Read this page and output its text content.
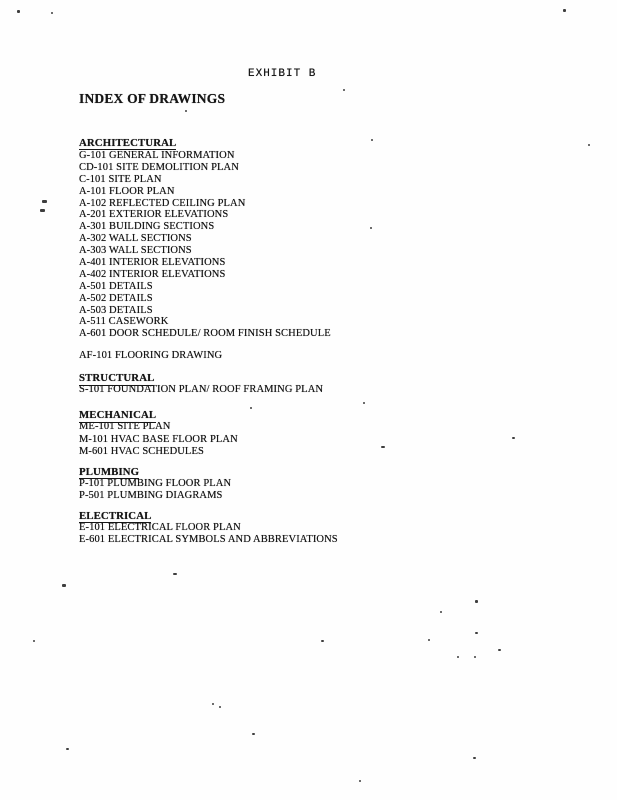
EXHIBIT B
INDEX OF DRAWINGS
ARCHITECTURAL
G-101 GENERAL INFORMATION
CD-101 SITE DEMOLITION PLAN
C-101 SITE PLAN
A-101 FLOOR PLAN
A-102 REFLECTED CEILING PLAN
A-201 EXTERIOR ELEVATIONS
A-301 BUILDING SECTIONS
A-302 WALL SECTIONS
A-303 WALL SECTIONS
A-401 INTERIOR ELEVATIONS
A-402 INTERIOR ELEVATIONS
A-501 DETAILS
A-502 DETAILS
A-503 DETAILS
A-511 CASEWORK
A-601 DOOR SCHEDULE/ ROOM FINISH SCHEDULE
AF-101 FLOORING DRAWING
STRUCTURAL
S-101 FOUNDATION PLAN/ ROOF FRAMING PLAN
MECHANICAL
ME-101 SITE PLAN
M-101 HVAC BASE FLOOR PLAN
M-601 HVAC SCHEDULES
PLUMBING
P-101 PLUMBING FLOOR PLAN
P-501 PLUMBING DIAGRAMS
ELECTRICAL
E-101 ELECTRICAL FLOOR PLAN
E-601 ELECTRICAL SYMBOLS AND ABBREVIATIONS
